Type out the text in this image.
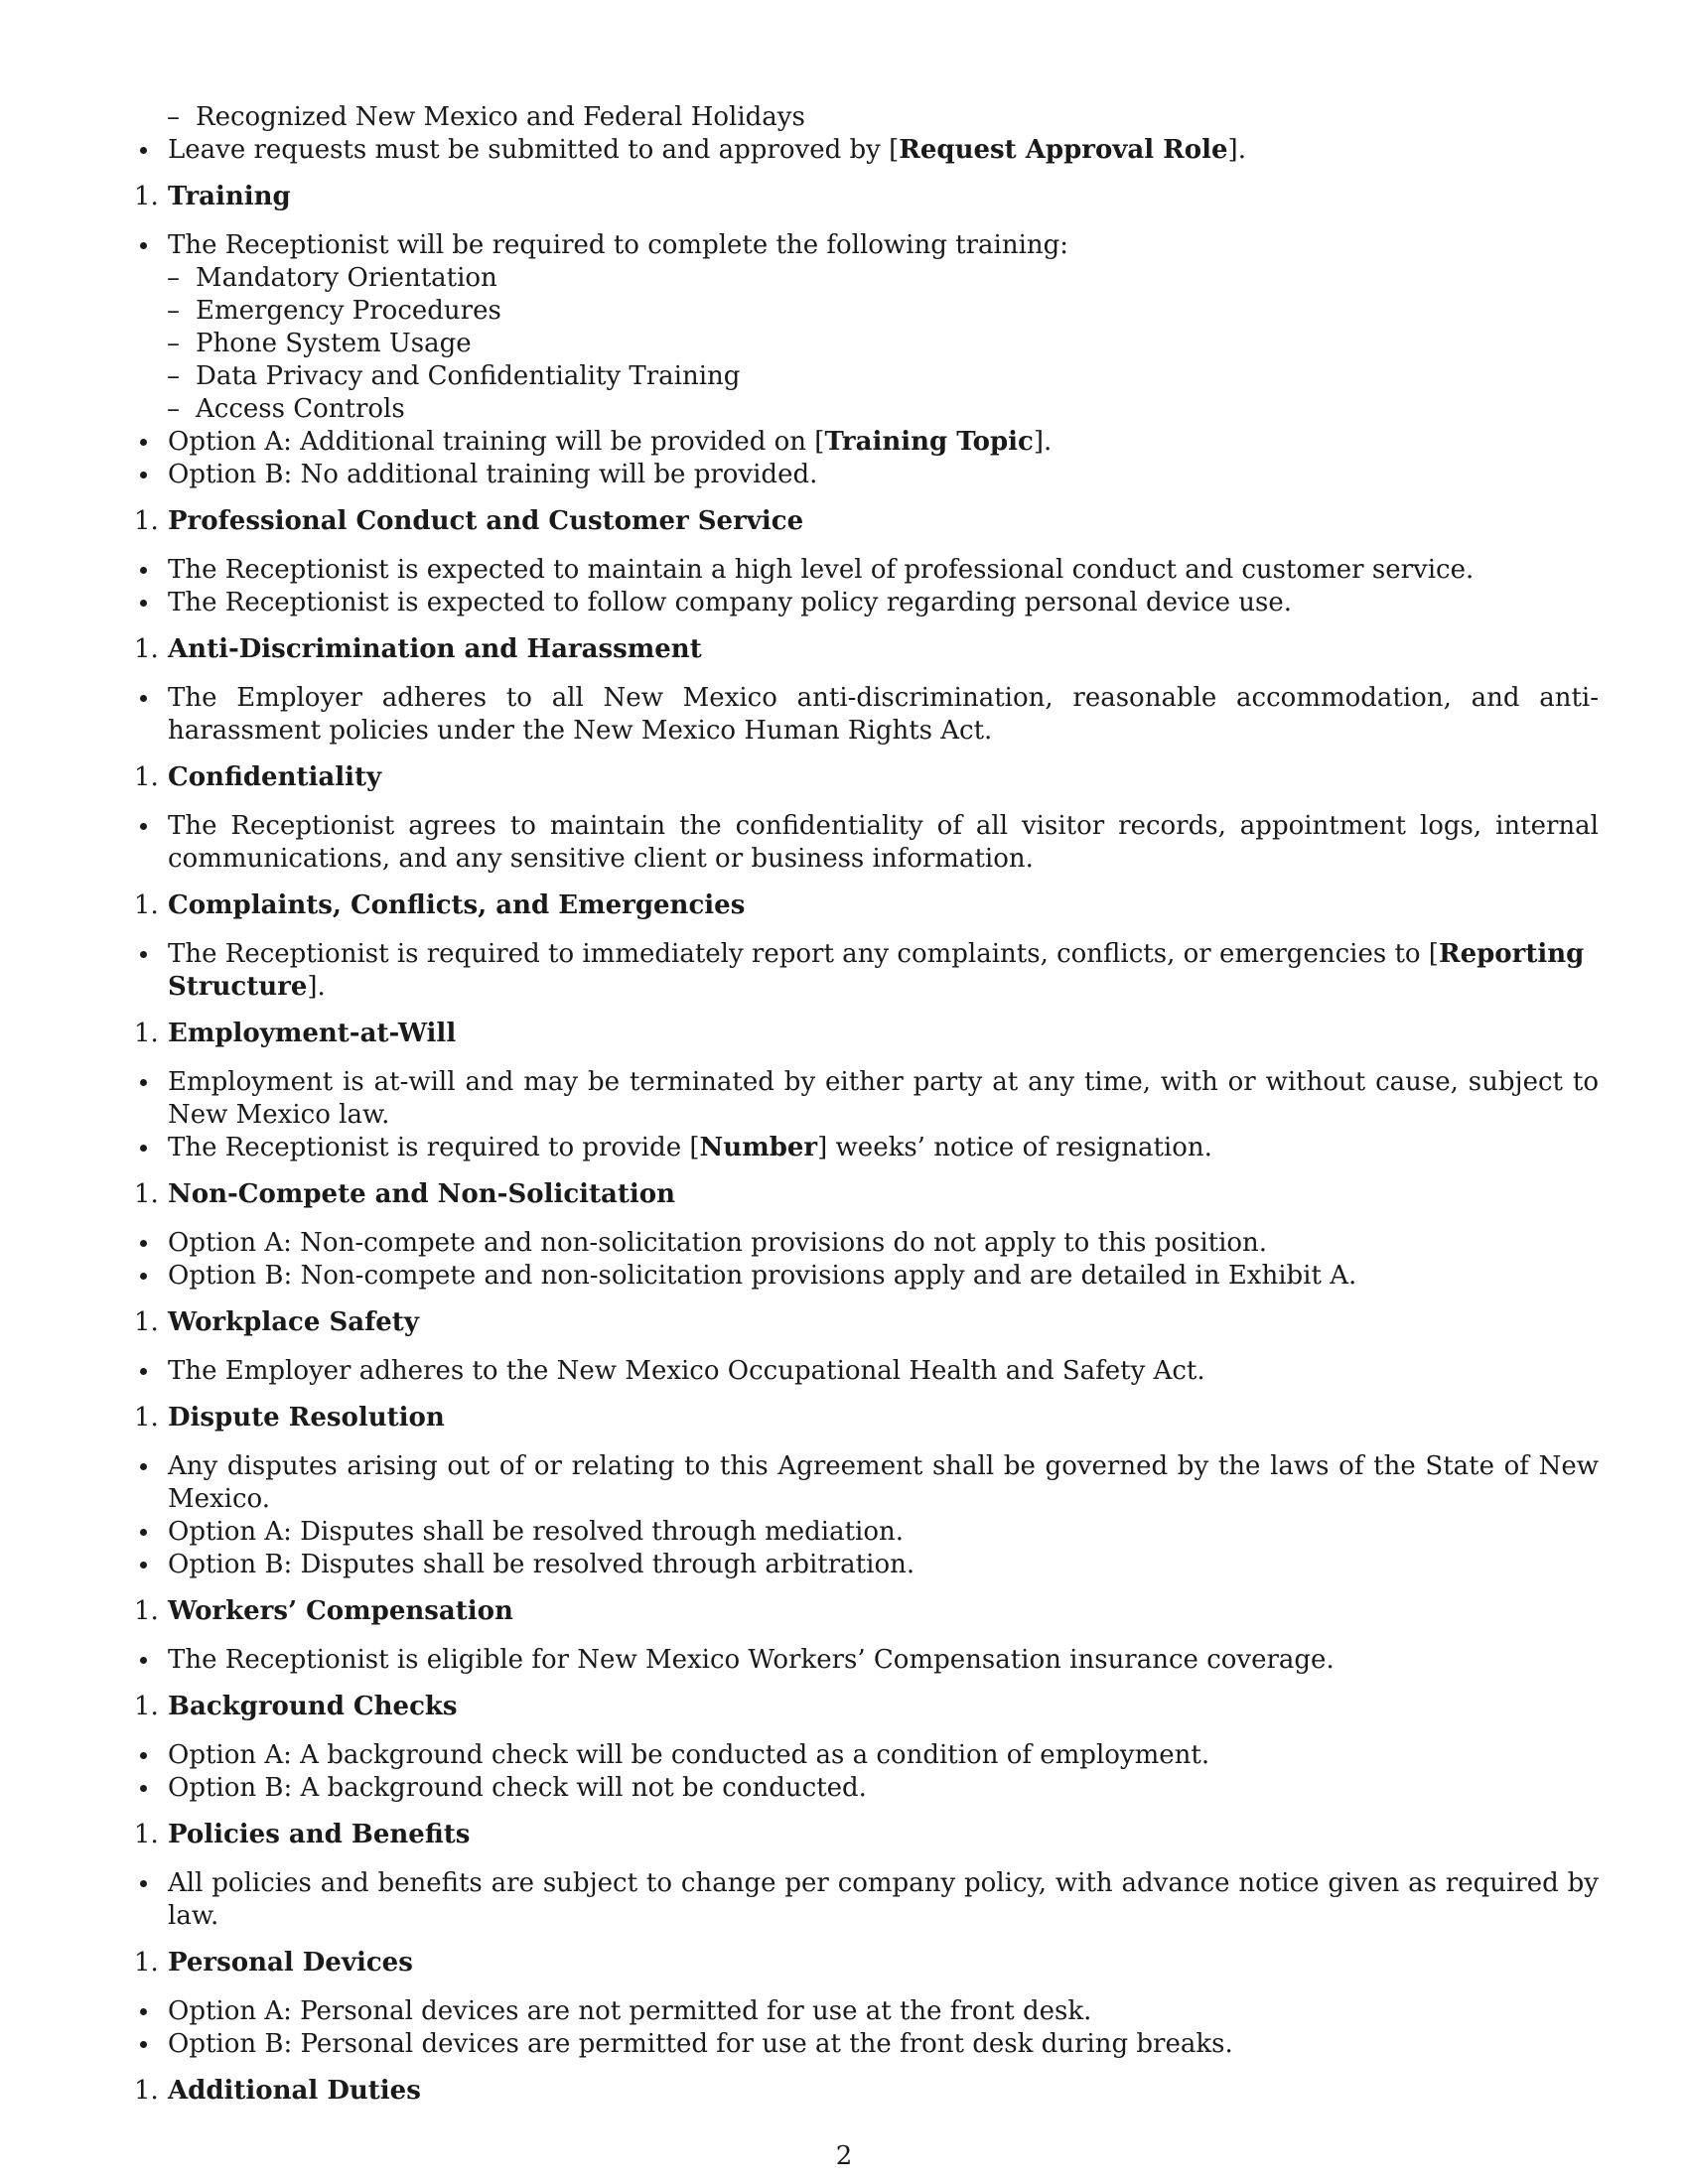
– Recognized New Mexico and Federal Holidays
Leave requests must be submitted to and approved by [Request Approval Role].
1. Training
The Receptionist will be required to complete the following training:
– Mandatory Orientation
– Emergency Procedures
– Phone System Usage
– Data Privacy and Confidentiality Training
– Access Controls
Option A: Additional training will be provided on [Training Topic].
Option B: No additional training will be provided.
1. Professional Conduct and Customer Service
The Receptionist is expected to maintain a high level of professional conduct and customer service.
The Receptionist is expected to follow company policy regarding personal device use.
1. Anti-Discrimination and Harassment
The Employer adheres to all New Mexico anti-discrimination, reasonable accommodation, and anti-harassment policies under the New Mexico Human Rights Act.
1. Confidentiality
The Receptionist agrees to maintain the confidentiality of all visitor records, appointment logs, internal communications, and any sensitive client or business information.
1. Complaints, Conflicts, and Emergencies
The Receptionist is required to immediately report any complaints, conflicts, or emergencies to [Reporting Structure].
1. Employment-at-Will
Employment is at-will and may be terminated by either party at any time, with or without cause, subject to New Mexico law.
The Receptionist is required to provide [Number] weeks’ notice of resignation.
1. Non-Compete and Non-Solicitation
Option A: Non-compete and non-solicitation provisions do not apply to this position.
Option B: Non-compete and non-solicitation provisions apply and are detailed in Exhibit A.
1. Workplace Safety
The Employer adheres to the New Mexico Occupational Health and Safety Act.
1. Dispute Resolution
Any disputes arising out of or relating to this Agreement shall be governed by the laws of the State of New Mexico.
Option A: Disputes shall be resolved through mediation.
Option B: Disputes shall be resolved through arbitration.
1. Workers’ Compensation
The Receptionist is eligible for New Mexico Workers’ Compensation insurance coverage.
1. Background Checks
Option A: A background check will be conducted as a condition of employment.
Option B: A background check will not be conducted.
1. Policies and Benefits
All policies and benefits are subject to change per company policy, with advance notice given as required by law.
1. Personal Devices
Option A: Personal devices are not permitted for use at the front desk.
Option B: Personal devices are permitted for use at the front desk during breaks.
1. Additional Duties
2
